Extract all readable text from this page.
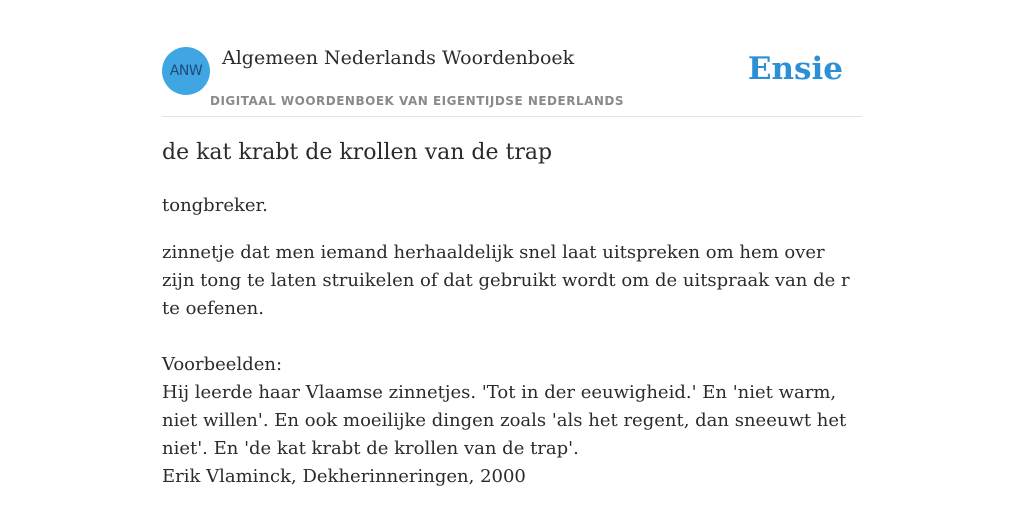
ANW
Algemeen Nederlands Woordenboek
DIGITAAL WOORDENBOEK VAN EIGENTIJDSE NEDERLANDS
Ensie
de kat krabt de krollen van de trap

tongbreker.

zinnetje dat men iemand herhaaldelijk snel laat uitspreken om hem over zijn tong te laten struikelen of dat gebruikt wordt om de uitspraak van de r te oefenen.

Voorbeelden:

Hij leerde haar Vlaamse zinnetjes. 'Tot in der eeuwigheid.' En 'niet warm, niet willen'. En ook moeilijke dingen zoals 'als het regent, dan sneeuwt het niet'. En 'de kat krabt de krollen van de trap'.

Erik Vlaminck, Dekherinneringen, 2000
